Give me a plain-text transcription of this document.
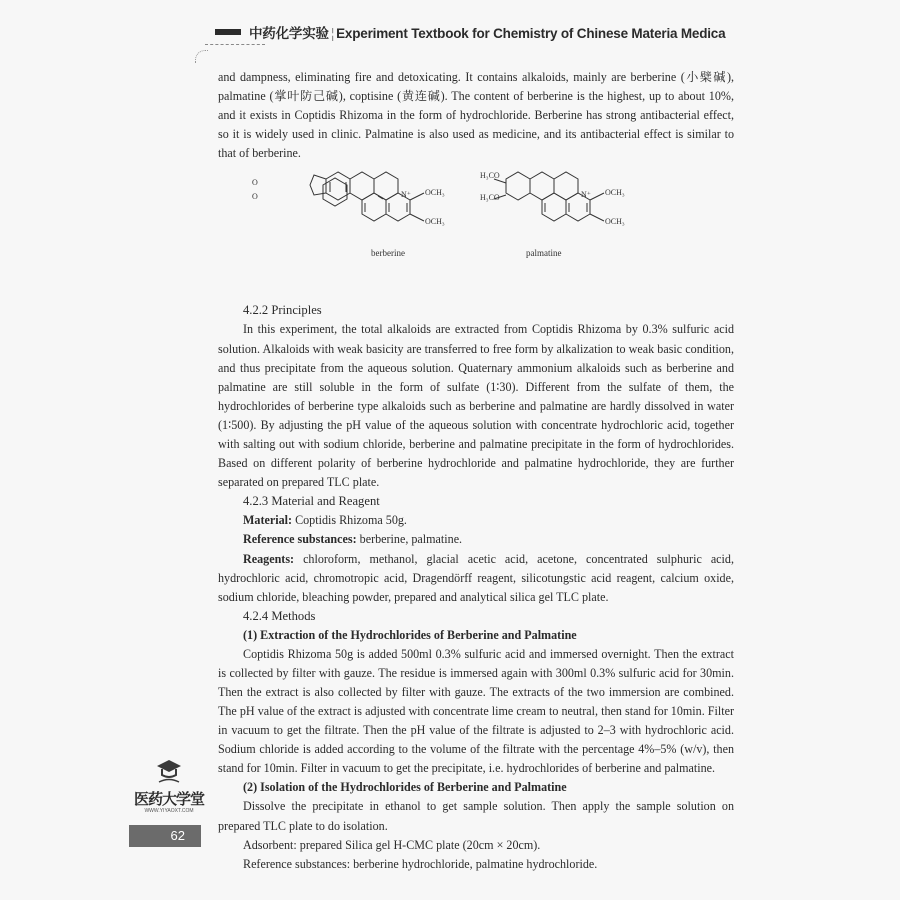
中药化学实验 ¦ Experiment Textbook for Chemistry of Chinese Materia Medica

and dampness, eliminating fire and detoxicating. It contains alkaloids, mainly are berberine (小檗碱), palmatine (掌叶防己碱), coptisine (黄连碱). The content of berberine is the highest, up to about 10%, and it exists in Coptidis Rhizoma in the form of hydrochloride. Berberine has strong antibacterial effect, so it is widely used in clinic. Palmatine is also used as medicine, and its antibacterial effect is similar to that of berberine.

O
O	N⁺ OCH₃
OCH₃
berberine
H₃CO
H₃CO	N⁺ OCH₃
OCH₃
palmatine
4.2.2 Principles

In this experiment, the total alkaloids are extracted from Coptidis Rhizoma by 0.3% sulfuric acid solution. Alkaloids with weak basicity are transferred to free form by alkalization to weak basic condition, and thus precipitate from the aqueous solution. Quaternary ammonium alkaloids such as berberine and palmatine are still soluble in the form of sulfate (1∶30). Different from the sulfate of them, the hydrochlorides of berberine type alkaloids such as berberine and palmatine are hardly dissolved in water (1∶500). By adjusting the pH value of the aqueous solution with concentrate hydrochloric acid, together with salting out with sodium chloride, berberine and palmatine precipitate in the form of hydrochlorides. Based on different polarity of berberine hydrochloride and palmatine hydrochloride, they are further separated on prepared TLC plate.

4.2.3 Material and Reagent

Material: Coptidis Rhizoma 50g.

Reference substances: berberine, palmatine.

Reagents: chloroform, methanol, glacial acetic acid, acetone, concentrated sulphuric acid, hydrochloric acid, chromotropic acid, Dragendörff reagent, silicotungstic acid reagent, calcium oxide, sodium chloride, bleaching powder, prepared and analytical silica gel TLC plate.

4.2.4 Methods
(1) Extraction of the Hydrochlorides of Berberine and Palmatine

Coptidis Rhizoma 50g is added 500ml 0.3% sulfuric acid and immersed overnight. Then the extract is collected by filter with gauze. The residue is immersed again with 300ml 0.3% sulfuric acid for 30min. Then the extract is also collected by filter with gauze. The extracts of the two immersion are combined. The pH value of the extract is adjusted with concentrate lime cream to neutral, then stand for 10min. Filter in vacuum to get the filtrate. Then the pH value of the filtrate is adjusted to 2–3 with hydrochloric acid. Sodium chloride is added according to the volume of the filtrate with the percentage 4%–5% (w/v), then stand for 10min. Filter in vacuum to get the precipitate, i.e. hydrochlorides of berberine and palmatine.

(2) Isolation of the Hydrochlorides of Berberine and Palmatine

Dissolve the precipitate in ethanol to get sample solution. Then apply the sample solution on prepared TLC plate to do isolation.

Adsorbent: prepared Silica gel H-CMC plate (20cm × 20cm).

Reference substances: berberine hydrochloride, palmatine hydrochloride.

医药大学堂
WWW.YIYAOXT.COM
62
